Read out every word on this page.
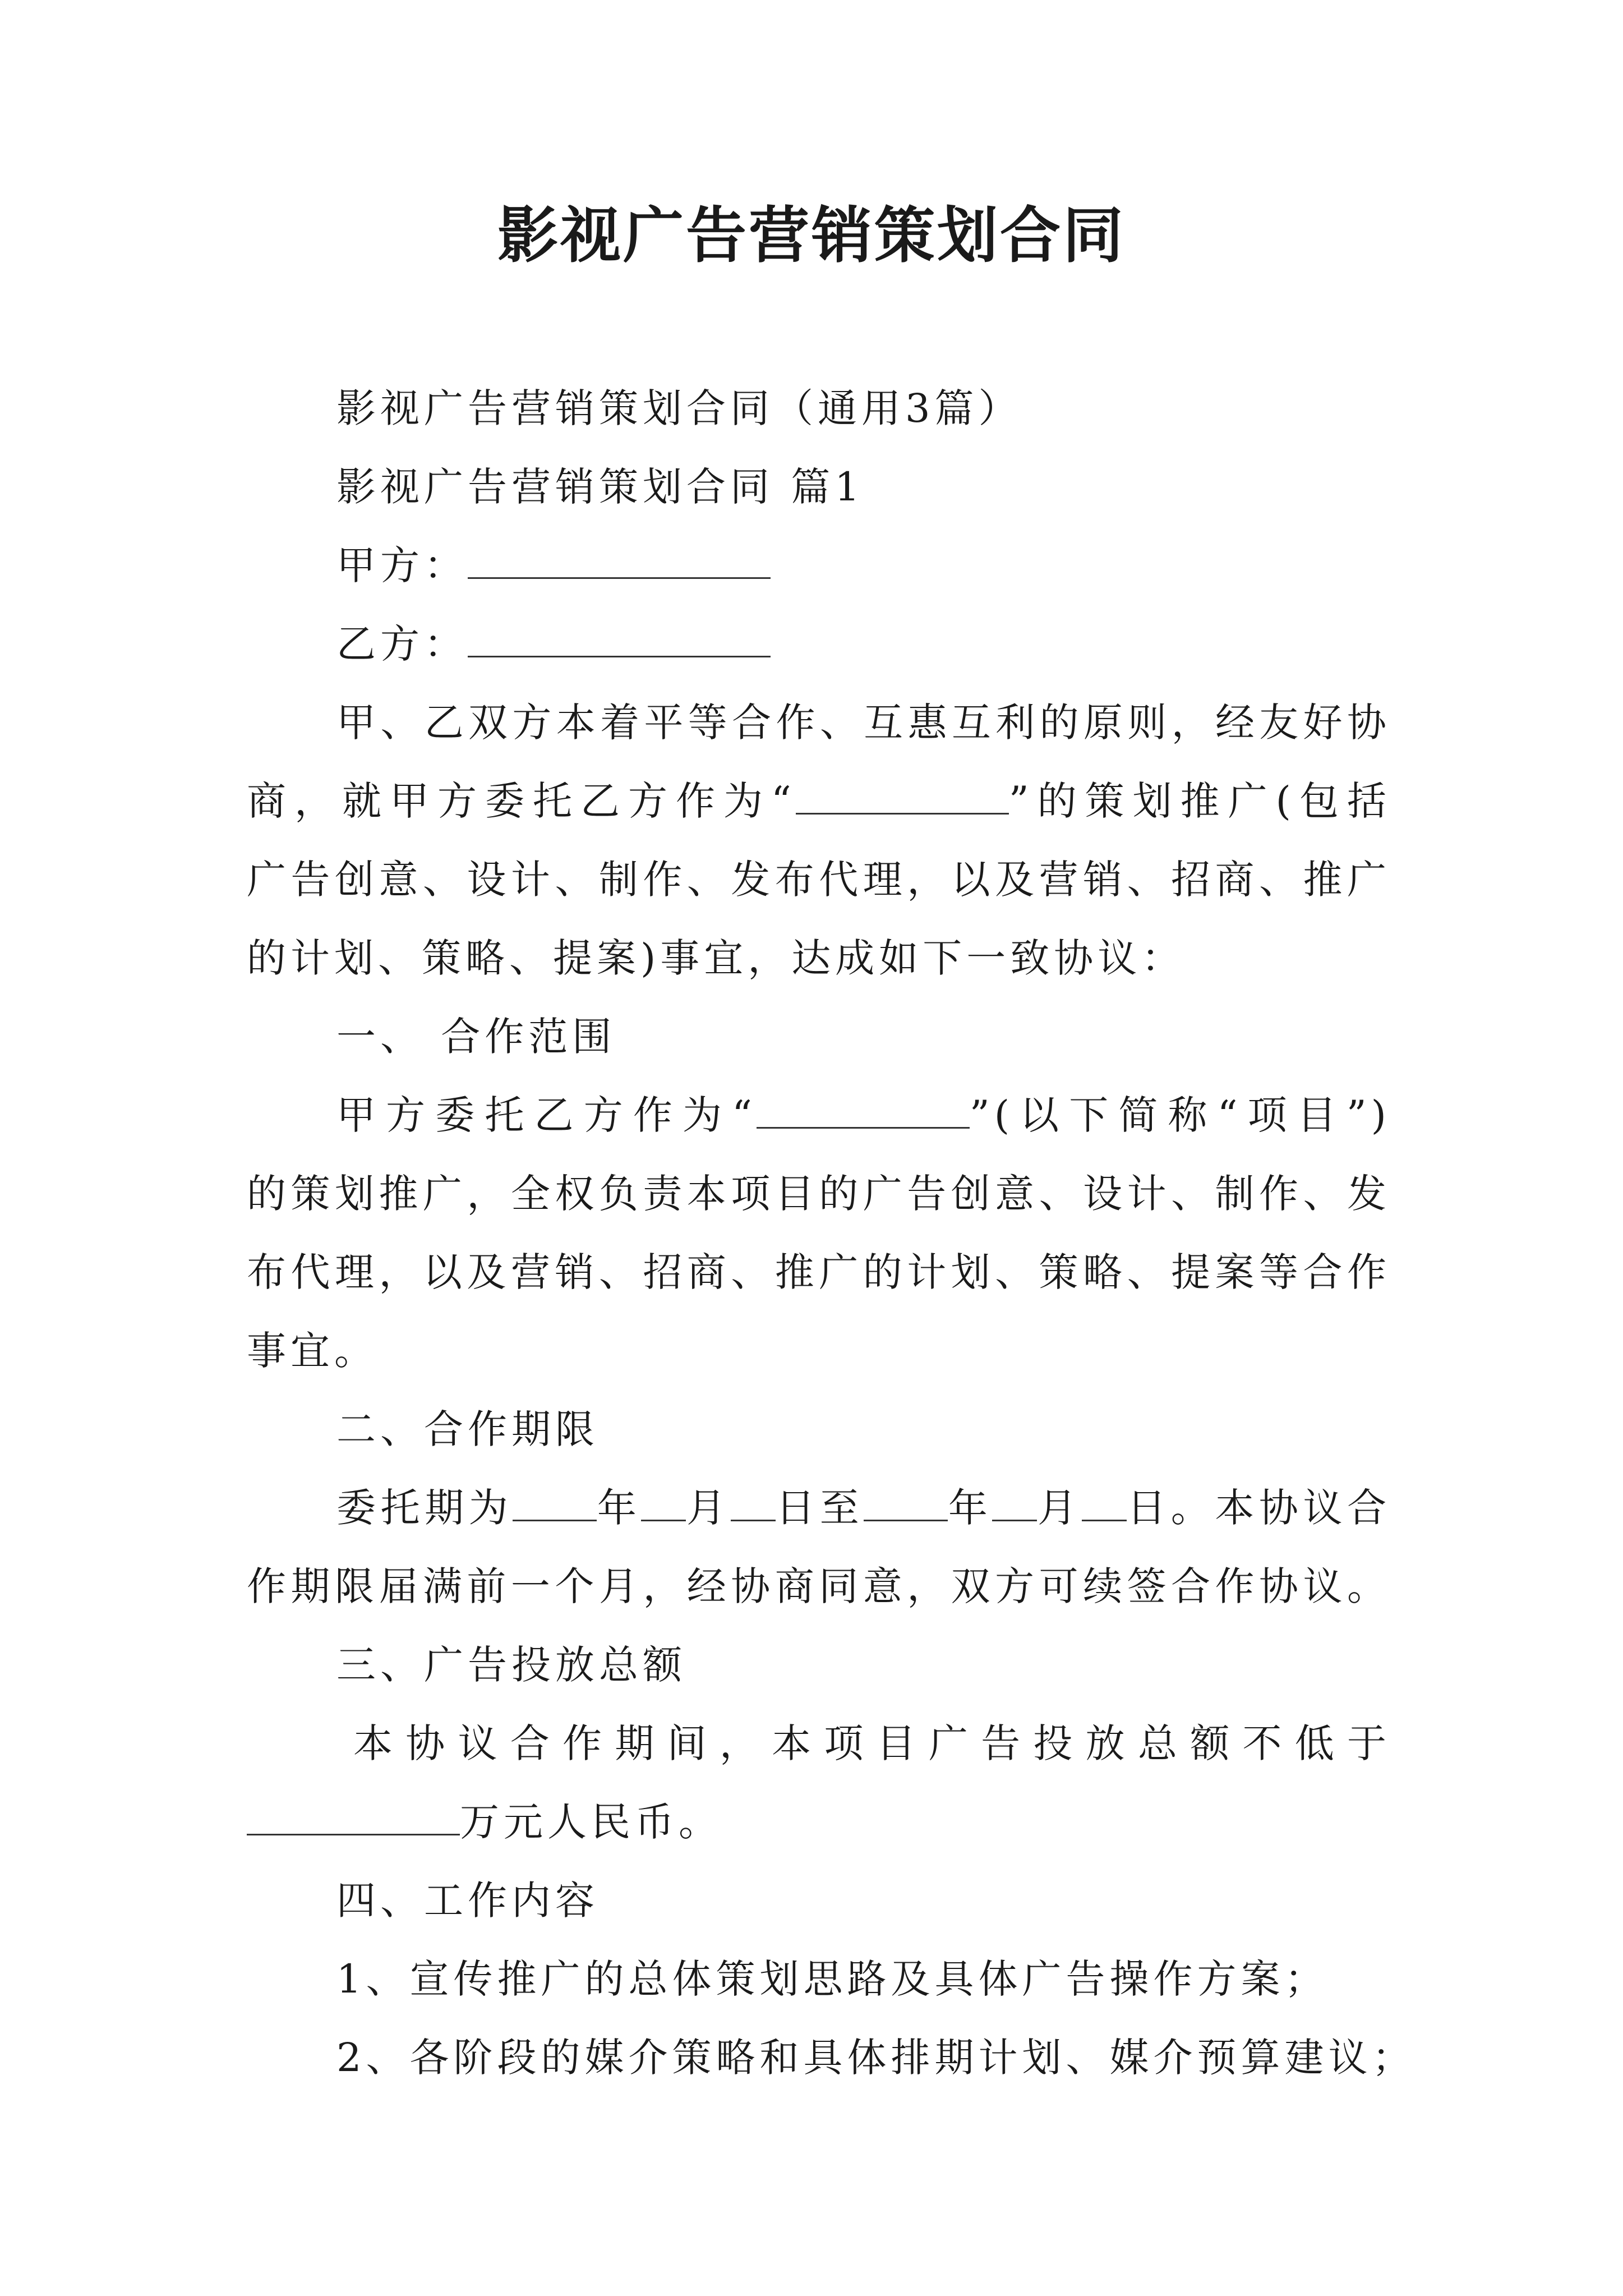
影视广告营销策划合同
影视广告营销策划合同（通用3篇）
影视广告营销策划合同 篇1
甲方：
乙方：
甲、乙双方本着平等合作、互惠互利的原则，经友好协
商，就甲方委托乙方作为“	”的策划推广(包括
广告创意、设计、制作、发布代理，以及营销、招商、推广
的计划、策略、提案)事宜，达成如下一致协议：
一、 合作范围
甲方委托乙方作为“	”(以下简称“项目”)
的策划推广，全权负责本项目的广告创意、设计、制作、发
布代理，以及营销、招商、推广的计划、策略、提案等合作
事宜。
二、合作期限
委托期为 年 月 日至 年 月 日。本协议合
作期限届满前一个月，经协商同意，双方可续签合作协议。
三、广告投放总额
本协议合作期间，本项目广告投放总额不低于
万元人民币。
四、工作内容
1、宣传推广的总体策划思路及具体广告操作方案；
2、各阶段的媒介策略和具体排期计划、媒介预算建议；
